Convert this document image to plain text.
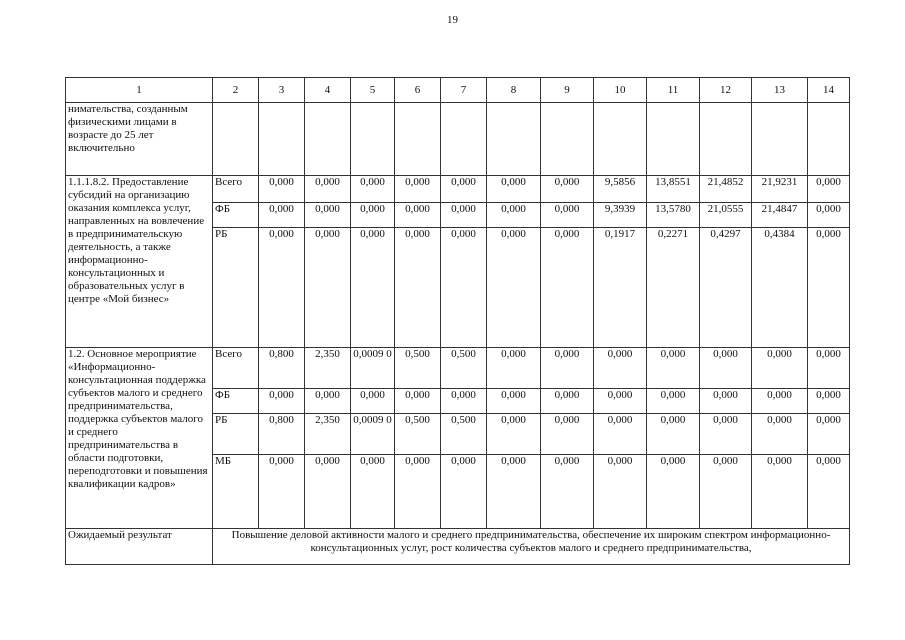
19
1	2	3	4	5	6	7	8	9	10	11	12	13	14
нимательства, созданным физическими лицами в возрасте до 25 лет включительно													
1.1.1.8.2. Предоставление субсидий на организацию оказания комплекса услуг, направленных на вовлечение в предпринимательскую деятельность, а также информационно-консультационных и образовательных услуг в центре «Мой бизнес»	Всего	0,000	0,000	0,000	0,000	0,000	0,000	0,000	9,5856	13,8551	21,4852	21,9231	0,000
	ФБ	0,000	0,000	0,000	0,000	0,000	0,000	0,000	9,3939	13,5780	21,0555	21,4847	0,000
	РБ	0,000	0,000	0,000	0,000	0,000	0,000	0,000	0,1917	0,2271	0,4297	0,4384	0,000
1.2. Основное мероприятие «Информационно-консультационная поддержка субъектов малого и среднего предпринимательства, поддержка субъектов малого и среднего предпринимательства в области подготовки, переподготовки и повышения квалификации кадров»	Всего	0,800	2,350	0,0009 0	0,500	0,500	0,000	0,000	0,000	0,000	0,000	0,000	0,000
	ФБ	0,000	0,000	0,000	0,000	0,000	0,000	0,000	0,000	0,000	0,000	0,000	0,000
	РБ	0,800	2,350	0,0009 0	0,500	0,500	0,000	0,000	0,000	0,000	0,000	0,000	0,000
	МБ	0,000	0,000	0,000	0,000	0,000	0,000	0,000	0,000	0,000	0,000	0,000	0,000
Ожидаемый результат	Повышение деловой активности малого и среднего предпринимательства, обеспечение их широким спектром информационно-консультационных услуг, рост количества субъектов малого и среднего предпринимательства,												
